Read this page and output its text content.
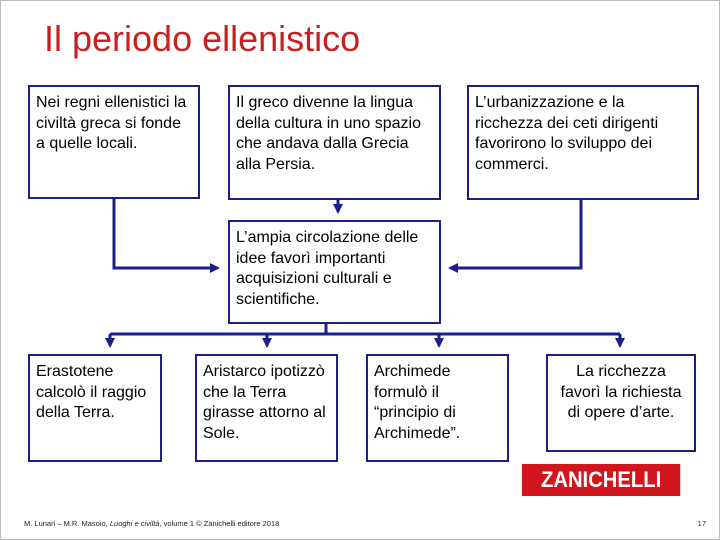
Il periodo ellenistico
Nei regni ellenistici la civiltà greca si fonde a quelle locali.
Il greco divenne la lingua della cultura in uno spazio che andava dalla Grecia alla Persia.
L’urbanizzazione e la ricchezza dei ceti dirigenti favorirono lo sviluppo dei commerci.
L’ampia circolazione delle idee favorì importanti acquisizioni culturali e scientifiche.
Erastotene calcolò il raggio della Terra.
Aristarco ipotizzò che la Terra girasse attorno al Sole.
Archimede formulò il “principio di Archimede”.
La ricchezza favorì la richiesta di opere d’arte.
ZANICHELLI
M. Lunari – M.R. Masoio, Luoghi e civiltà, volume 1 © Zanichelli editore 2018	17
